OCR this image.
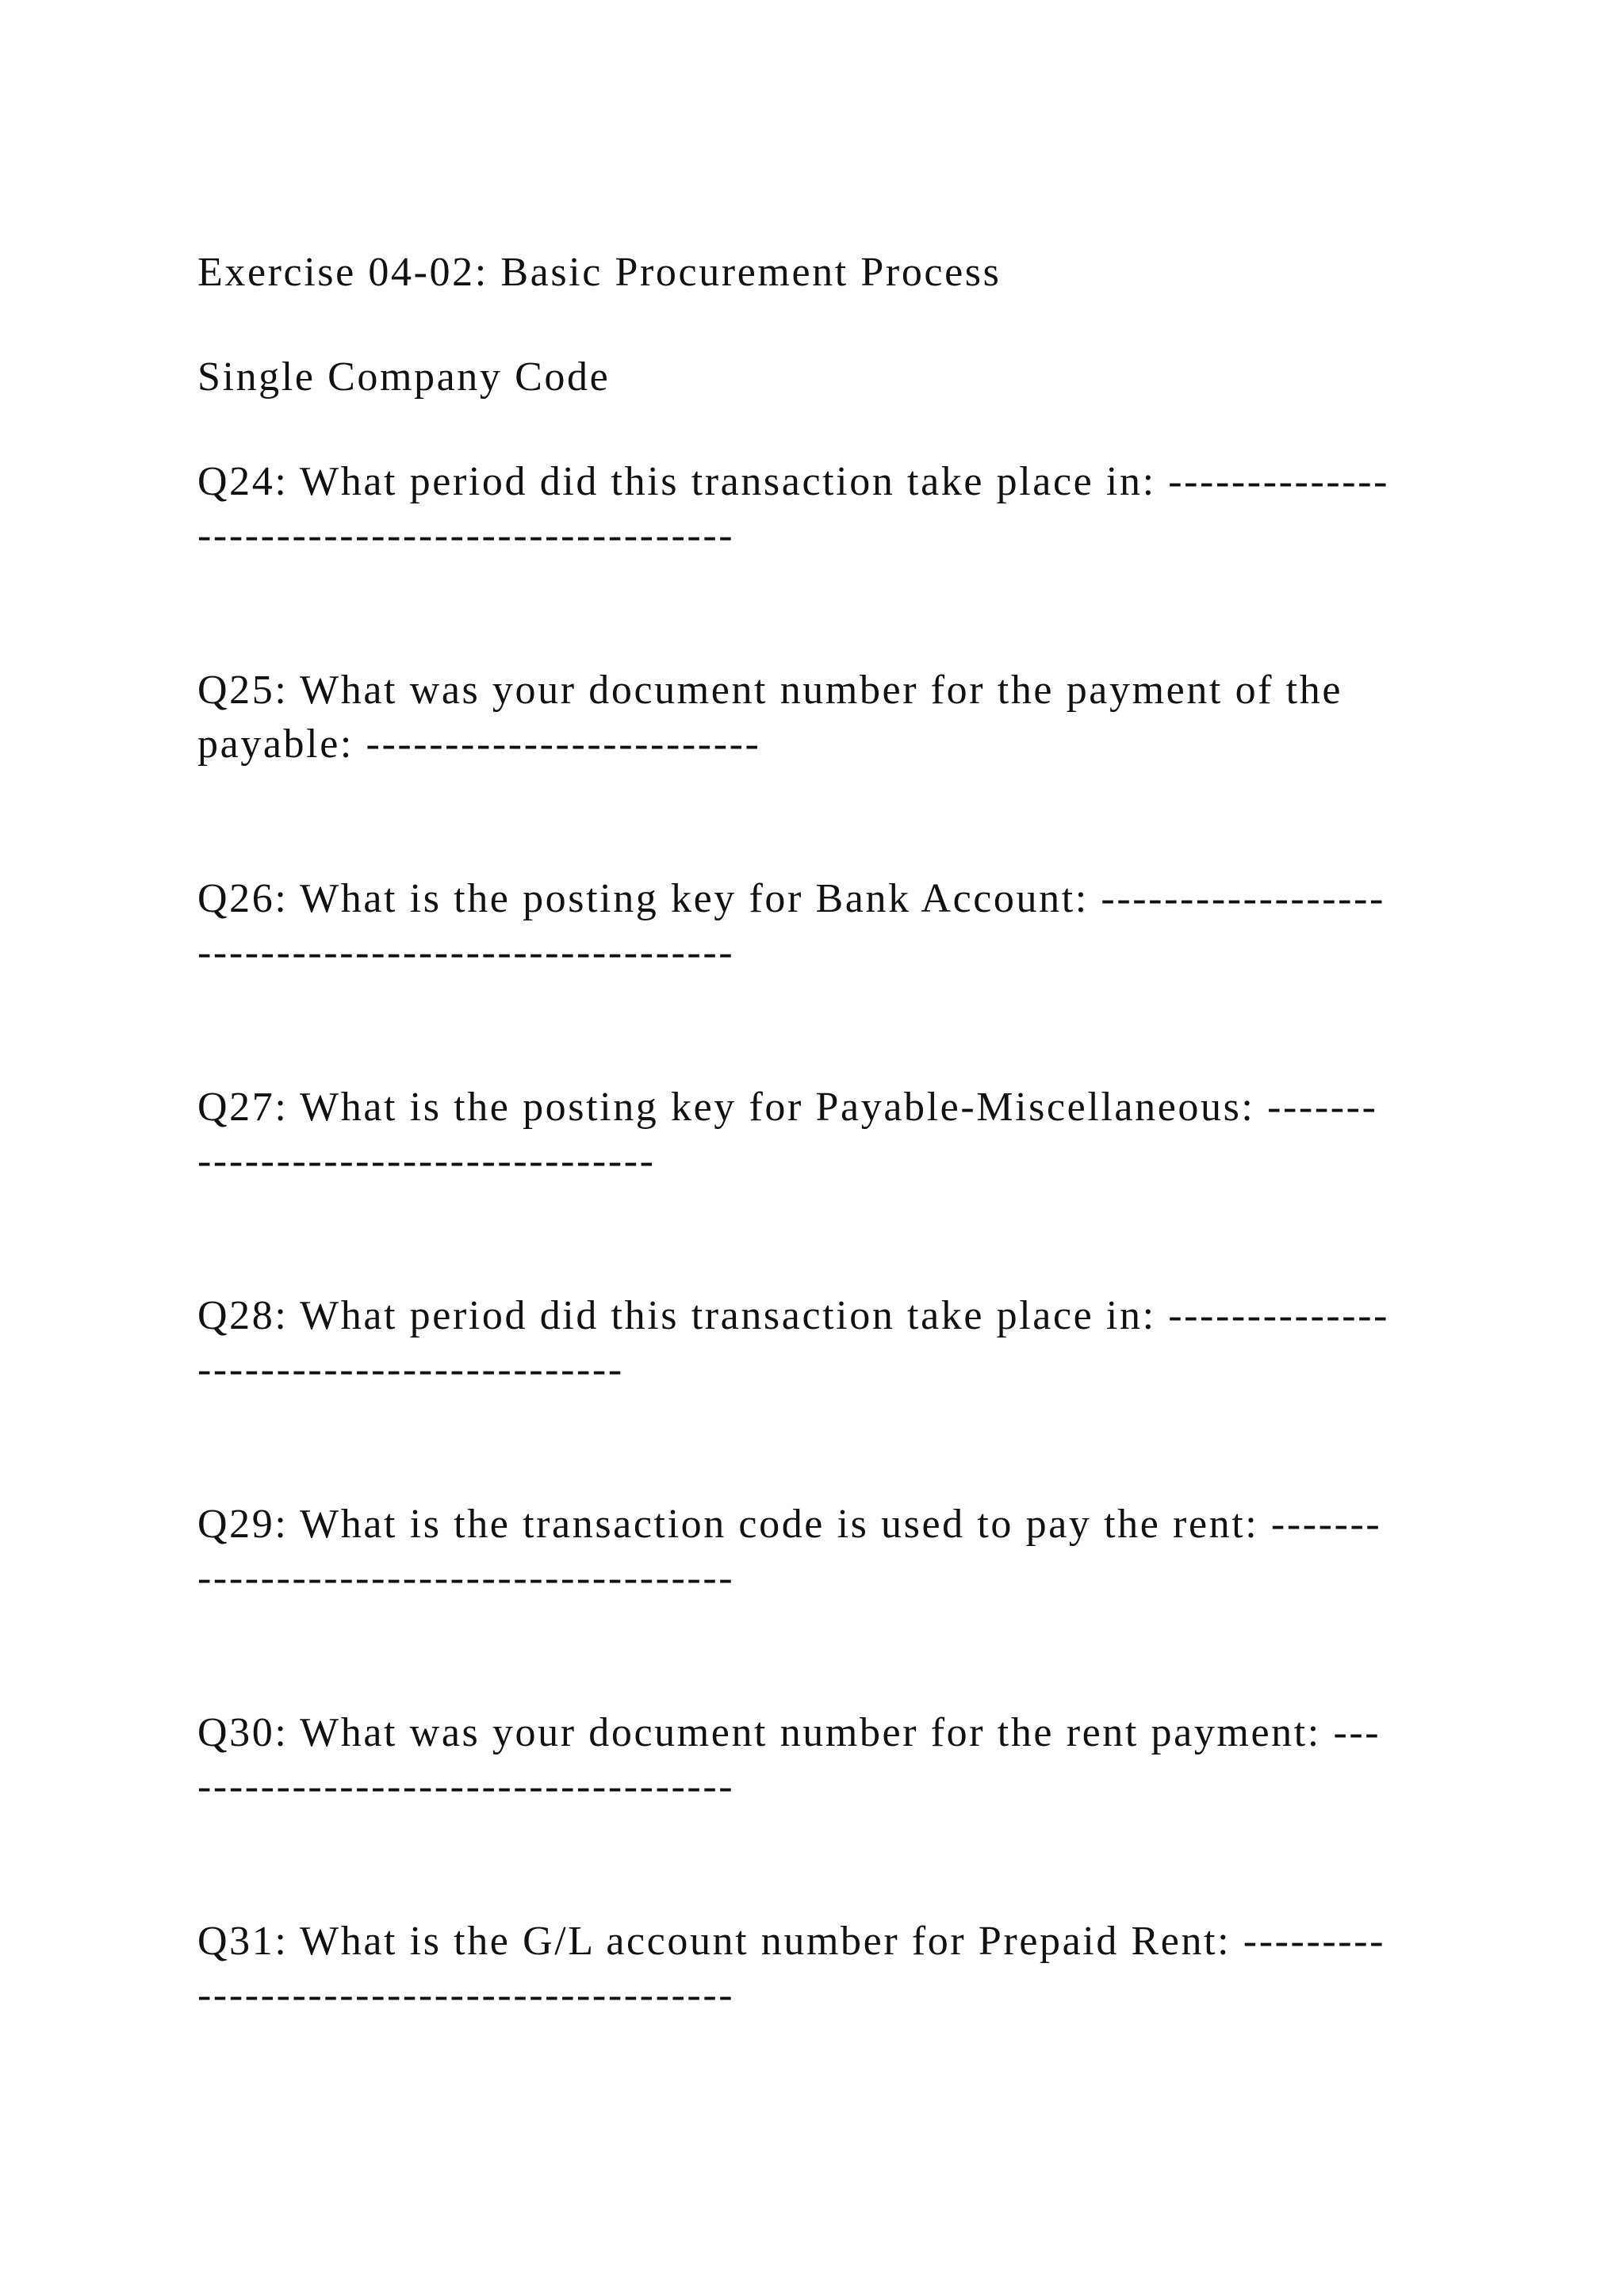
Exercise 04-02: Basic Procurement Process

Single Company Code

Q24: What period did this transaction take place in: --------------

----------------------------------

Q25: What was your document number for the payment of the

payable: -------------------------

Q26: What is the posting key for Bank Account: ------------------

----------------------------------

Q27: What is the posting key for Payable-Miscellaneous: -------

-----------------------------

Q28: What period did this transaction take place in: --------------

---------------------------

Q29: What is the transaction code is used to pay the rent: -------

----------------------------------

Q30: What was your document number for the rent payment: ---

----------------------------------

Q31: What is the G/L account number for Prepaid Rent: ---------

----------------------------------
